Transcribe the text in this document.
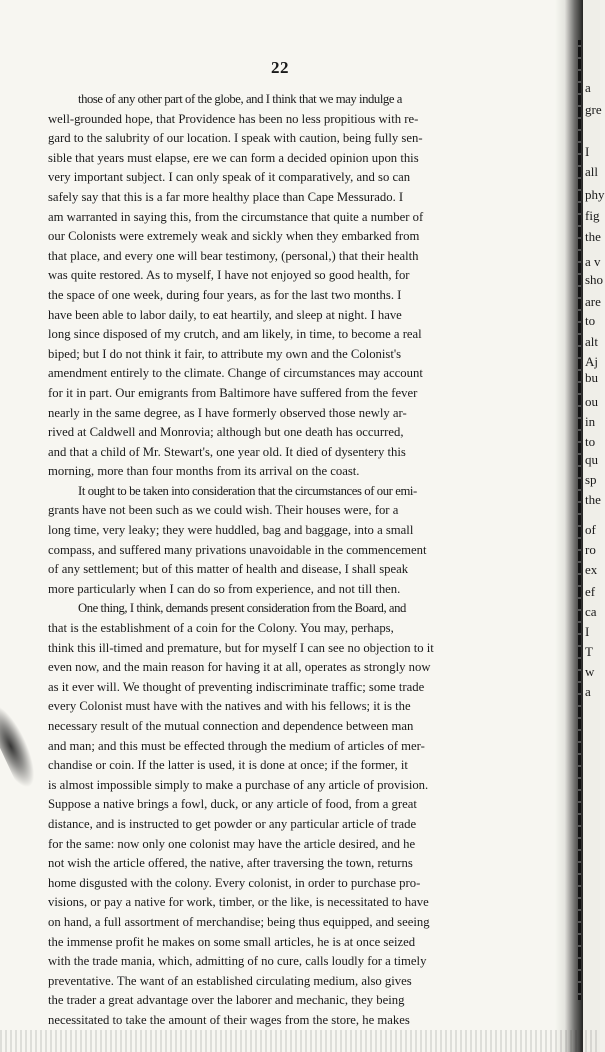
22

those of any other part of the globe, and I think that we may indulge a
well-grounded hope, that Providence has been no less propitious with re-
gard to the salubrity of our location. I speak with caution, being fully sen-
sible that years must elapse, ere we can form a decided opinion upon this
very important subject. I can only speak of it comparatively, and so can
safely say that this is a far more healthy place than Cape Messurado. I
am warranted in saying this, from the circumstance that quite a number of
our Colonists were extremely weak and sickly when they embarked from
that place, and every one will bear testimony, (personal,) that their health
was quite restored. As to myself, I have not enjoyed so good health, for
the space of one week, during four years, as for the last two months. I
have been able to labor daily, to eat heartily, and sleep at night. I have
long since disposed of my crutch, and am likely, in time, to become a real
biped; but I do not think it fair, to attribute my own and the Colonist's
amendment entirely to the climate. Change of circumstances may account
for it in part. Our emigrants from Baltimore have suffered from the fever
nearly in the same degree, as I have formerly observed those newly ar-
rived at Caldwell and Monrovia; although but one death has occurred,
and that a child of Mr. Stewart's, one year old. It died of dysentery this
morning, more than four months from its arrival on the coast.

It ought to be taken into consideration that the circumstances of our emi-
grants have not been such as we could wish. Their houses were, for a
long time, very leaky; they were huddled, bag and baggage, into a small
compass, and suffered many privations unavoidable in the commencement
of any settlement; but of this matter of health and disease, I shall speak
more particularly when I can do so from experience, and not till then.

One thing, I think, demands present consideration from the Board, and
that is the establishment of a coin for the Colony. You may, perhaps,
think this ill-timed and premature, but for myself I can see no objection to it
even now, and the main reason for having it at all, operates as strongly now
as it ever will. We thought of preventing indiscriminate traffic; some trade
every Colonist must have with the natives and with his fellows; it is the
necessary result of the mutual connection and dependence between man
and man; and this must be effected through the medium of articles of mer-
chandise or coin. If the latter is used, it is done at once; if the former, it
is almost impossible simply to make a purchase of any article of provision.
Suppose a native brings a fowl, duck, or any article of food, from a great
distance, and is instructed to get powder or any particular article of trade
for the same: now only one colonist may have the article desired, and he
not wish the article offered, the native, after traversing the town, returns
home disgusted with the colony. Every colonist, in order to purchase pro-
visions, or pay a native for work, timber, or the like, is necessitated to have
on hand, a full assortment of merchandise; being thus equipped, and seeing
the immense profit he makes on some small articles, he is at once seized
with the trade mania, which, admitting of no cure, calls loudly for a timely
preventative. The want of an established circulating medium, also gives
the trader a great advantage over the laborer and mechanic, they being
necessitated to take the amount of their wages from the store, he makes

a
gre
I
all
phy
fig
the
a v
sho
are
to
alt
Aj
bu
ou
in
to
qu
sp
the
of
ro
ex
ef
ca
I
T
w
a
